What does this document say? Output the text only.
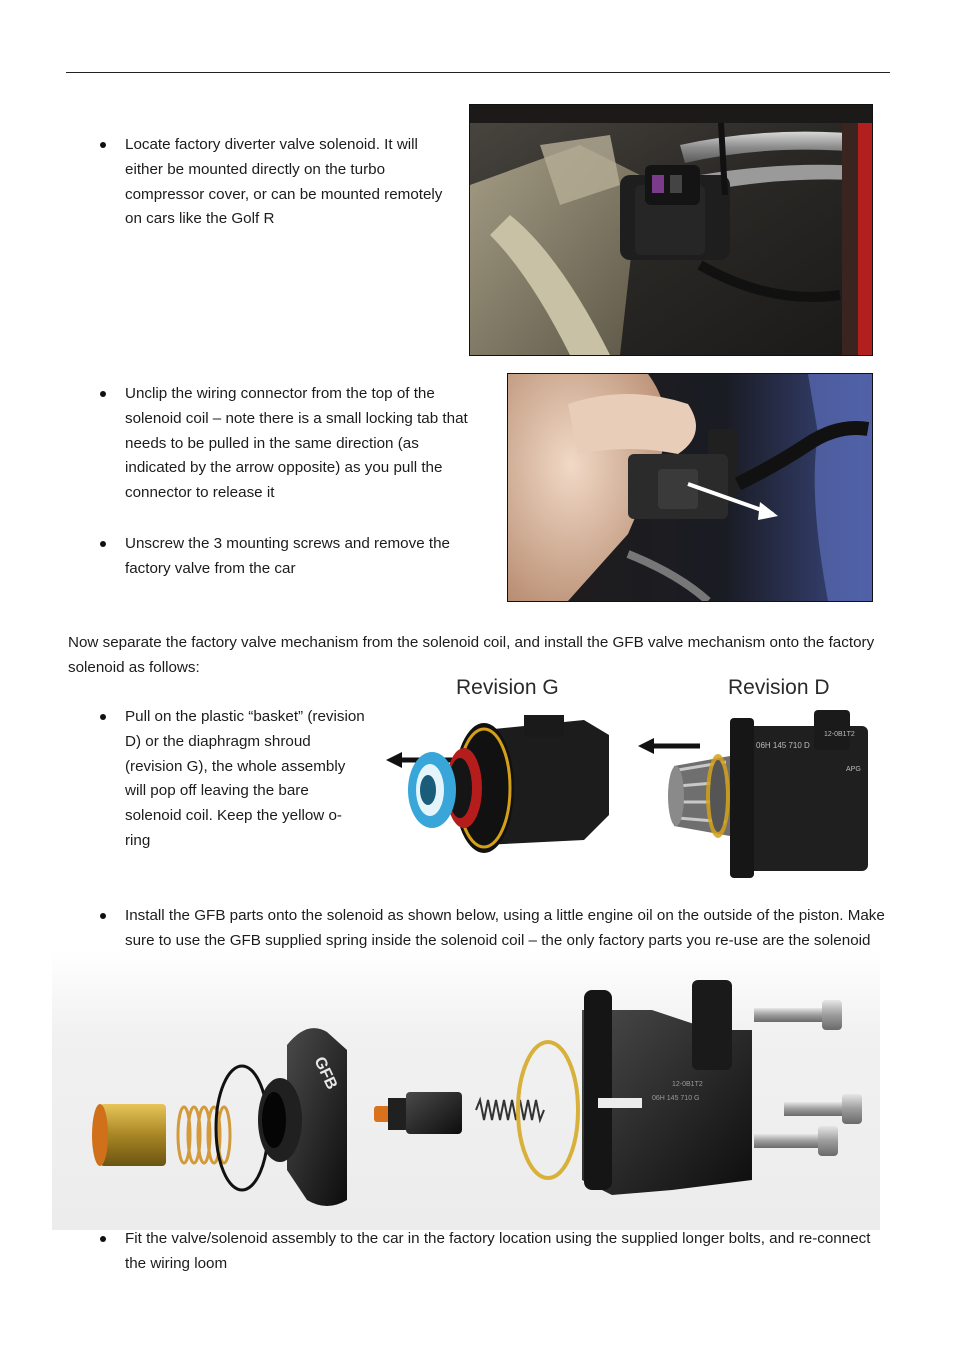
Locate factory diverter valve solenoid. It will either be mounted directly on the turbo compressor cover, or can be mounted remotely on cars like the Golf R
Unclip the wiring connector from the top of the solenoid coil – note there is a small locking tab that needs to be pulled in the same direction (as indicated by the arrow opposite) as you pull the connector to release it
Unscrew the 3 mounting screws and remove the factory valve from the car
Now separate the factory valve mechanism from the solenoid coil, and install the GFB valve mechanism onto the factory solenoid as follows:
Revision G	Revision D
Pull on the plastic “basket” (revision D) or the diaphragm shroud (revision G), the whole assembly will pop off leaving the bare solenoid coil. Keep the yellow o-ring
06H 145 710 D
12-0B1T2
APG
Install the GFB parts onto the solenoid as shown below, using a little engine oil on the outside of the piston. Make sure to use the GFB supplied spring inside the solenoid coil – the only factory parts you re-use are the solenoid
GFB
06H 145 710 G
12-0B1T2
Fit the valve/solenoid assembly to the car in the factory location using the supplied longer bolts, and re-connect the wiring loom
